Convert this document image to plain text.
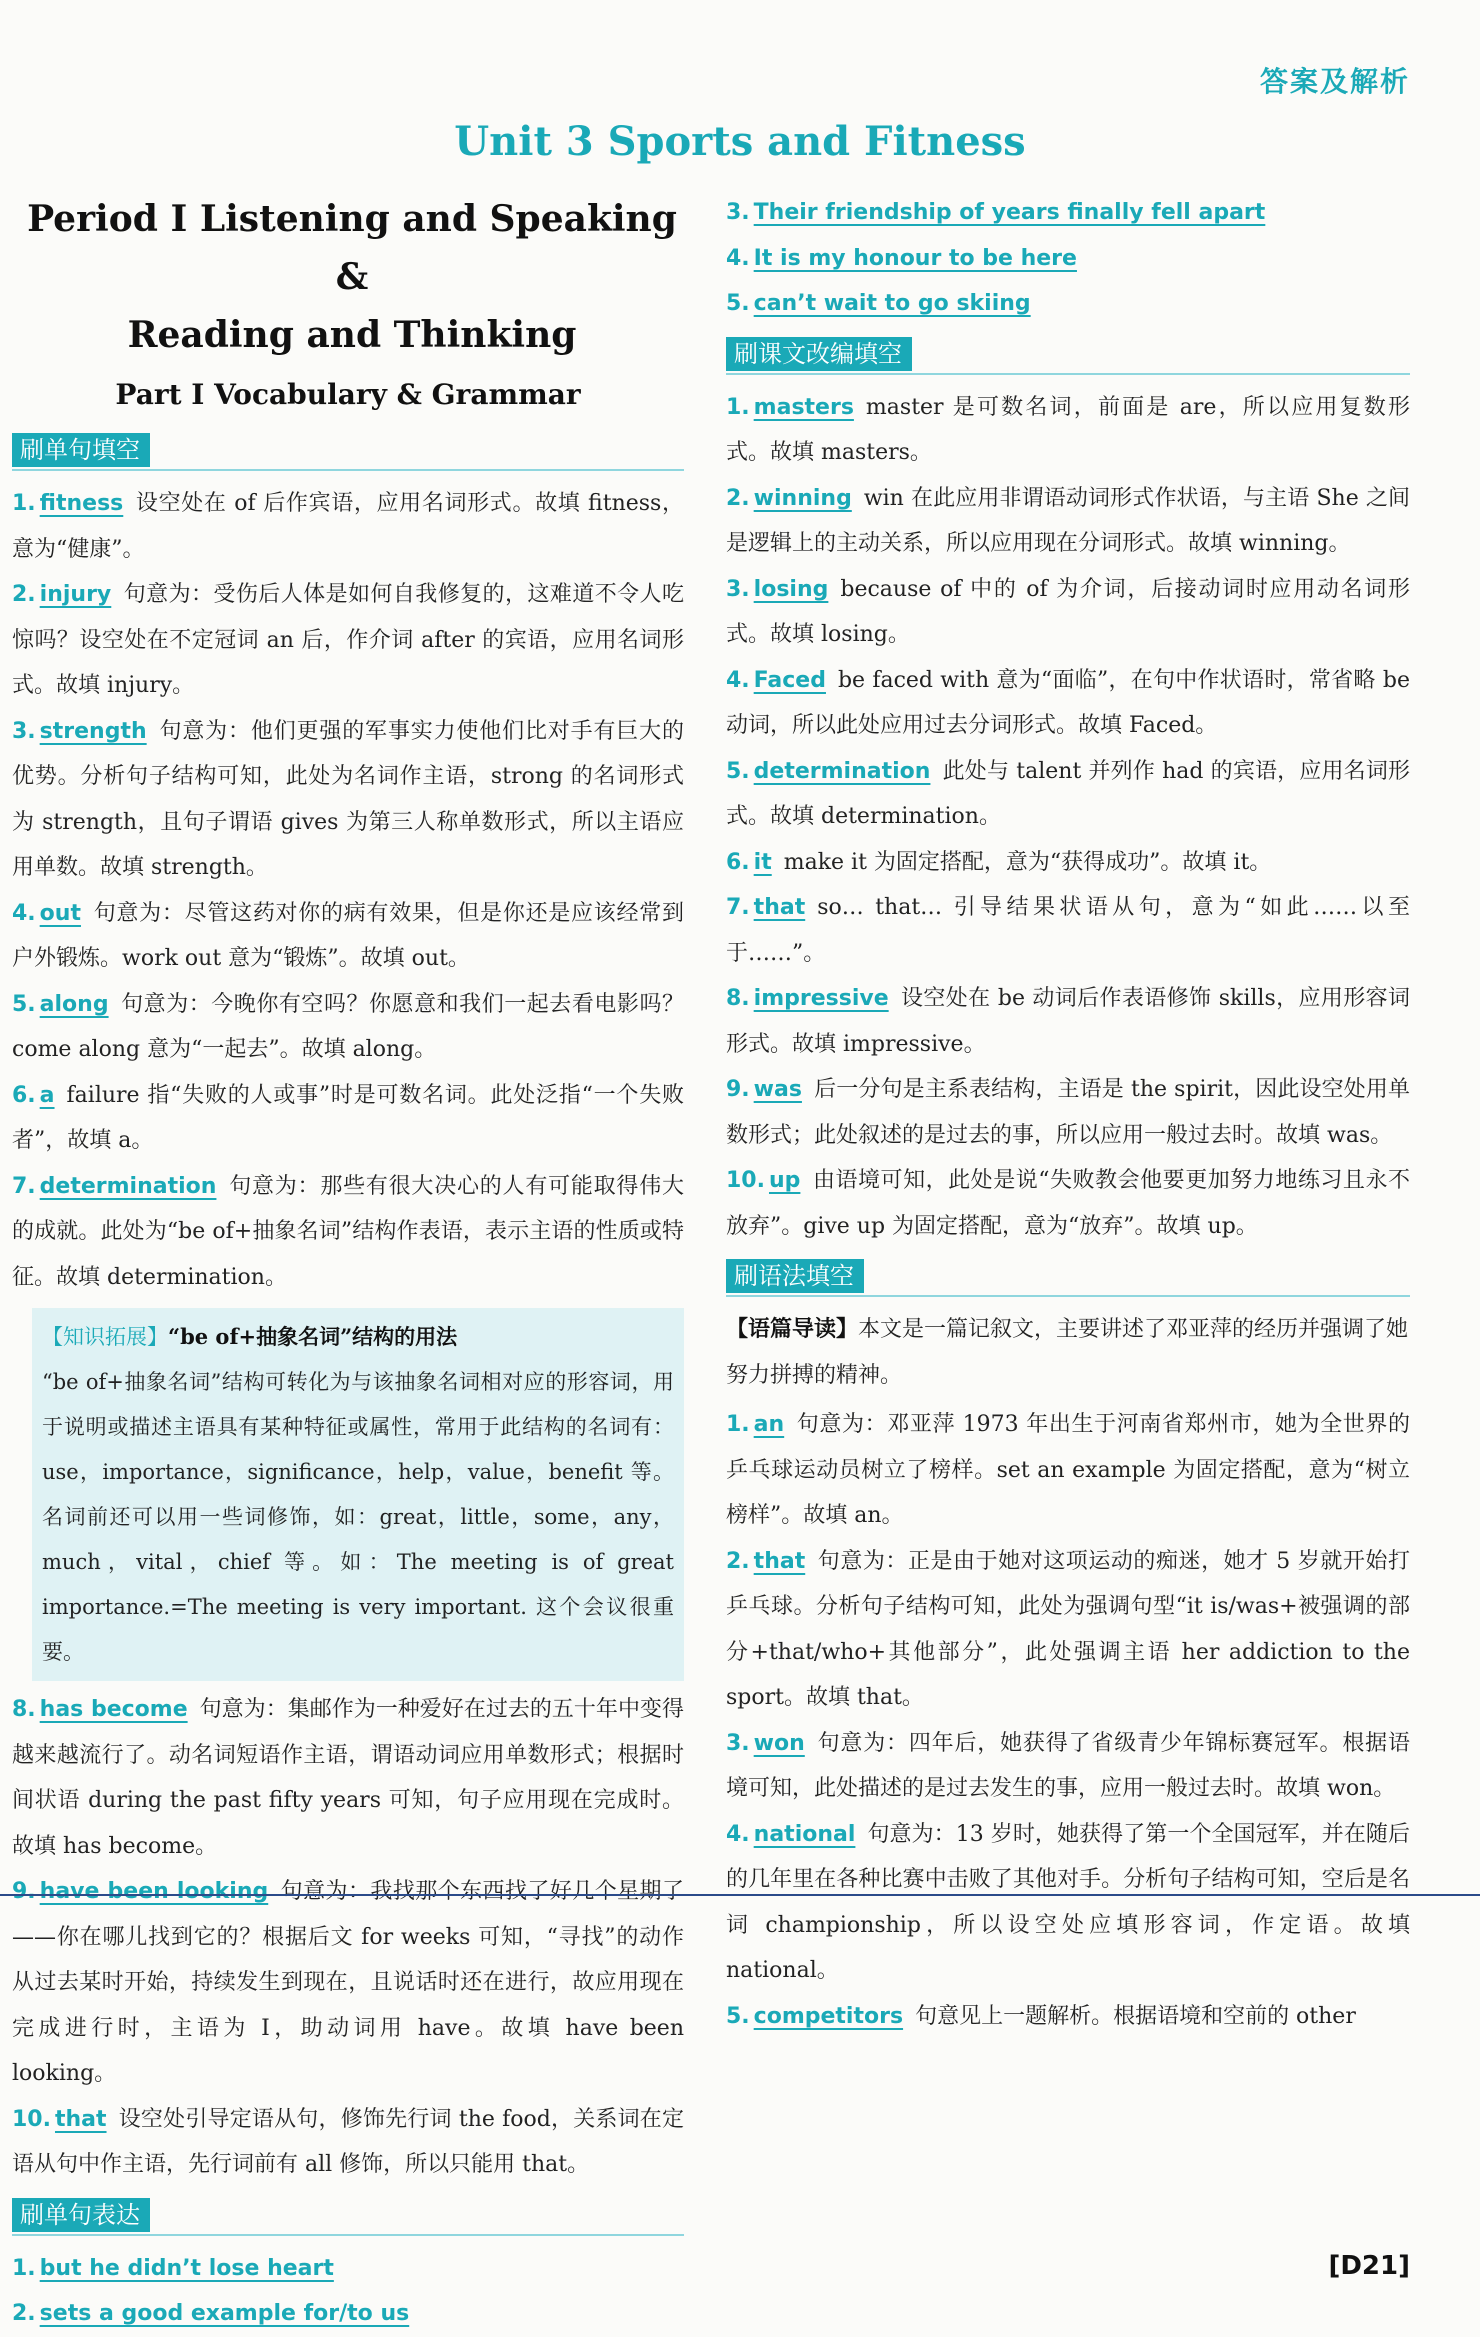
答案及解析
Unit 3 Sports and Fitness
Period Ⅰ Listening and Speaking &
Reading and Thinking
Part Ⅰ Vocabulary & Grammar
刷单句填空

1. fitness 设空处在 of 后作宾语，应用名词形式。故填 fitness，意为“健康”。

2. injury 句意为：受伤后人体是如何自我修复的，这难道不令人吃惊吗？设空处在不定冠词 an 后，作介词 after 的宾语，应用名词形式。故填 injury。

3. strength 句意为：他们更强的军事实力使他们比对手有巨大的优势。分析句子结构可知，此处为名词作主语，strong 的名词形式为 strength，且句子谓语 gives 为第三人称单数形式，所以主语应用单数。故填 strength。

4. out 句意为：尽管这药对你的病有效果，但是你还是应该经常到户外锻炼。work out 意为“锻炼”。故填 out。

5. along 句意为：今晚你有空吗？你愿意和我们一起去看电影吗？come along 意为“一起去”。故填 along。

6. a failure 指“失败的人或事”时是可数名词。此处泛指“一个失败者”，故填 a。

7. determination 句意为：那些有很大决心的人有可能取得伟大的成就。此处为“be of+抽象名词”结构作表语，表示主语的性质或特征。故填 determination。

【知识拓展】“be of+抽象名词”结构的用法

“be of+抽象名词”结构可转化为与该抽象名词相对应的形容词，用于说明或描述主语具有某种特征或属性，常用于此结构的名词有：use，importance，significance，help，value，benefit 等。名词前还可以用一些词修饰，如：great，little，some，any，much，vital，chief 等。如：The meeting is of great importance.=The meeting is very important. 这个会议很重要。

8. has become 句意为：集邮作为一种爱好在过去的五十年中变得越来越流行了。动名词短语作主语，谓语动词应用单数形式；根据时间状语 during the past fifty years 可知，句子应用现在完成时。故填 has become。

9. have been looking 句意为：我找那个东西找了好几个星期了——你在哪儿找到它的？根据后文 for weeks 可知，“寻找”的动作从过去某时开始，持续发生到现在，且说话时还在进行，故应用现在完成进行时，主语为 I，助动词用 have。故填 have been looking。

10. that 设空处引导定语从句，修饰先行词 the food，关系词在定语从句中作主语，先行词前有 all 修饰，所以只能用 that。

刷单句表达

1. but he didn’t lose heart

2. sets a good example for/to us

3. Their friendship of years finally fell apart

4. It is my honour to be here

5. can’t wait to go skiing

刷课文改编填空

1. masters master 是可数名词，前面是 are，所以应用复数形式。故填 masters。

2. winning win 在此应用非谓语动词形式作状语，与主语 She 之间是逻辑上的主动关系，所以应用现在分词形式。故填 winning。

3. losing because of 中的 of 为介词，后接动词时应用动名词形式。故填 losing。

4. Faced be faced with 意为“面临”，在句中作状语时，常省略 be 动词，所以此处应用过去分词形式。故填 Faced。

5. determination 此处与 talent 并列作 had 的宾语，应用名词形式。故填 determination。

6. it make it 为固定搭配，意为“获得成功”。故填 it。

7. that so… that… 引导结果状语从句，意为“如此……以至于……”。

8. impressive 设空处在 be 动词后作表语修饰 skills，应用形容词形式。故填 impressive。

9. was 后一分句是主系表结构，主语是 the spirit，因此设空处用单数形式；此处叙述的是过去的事，所以应用一般过去时。故填 was。

10. up 由语境可知，此处是说“失败教会他要更加努力地练习且永不放弃”。give up 为固定搭配，意为“放弃”。故填 up。

刷语法填空

【语篇导读】本文是一篇记叙文，主要讲述了邓亚萍的经历并强调了她努力拼搏的精神。

1. an 句意为：邓亚萍 1973 年出生于河南省郑州市，她为全世界的乒乓球运动员树立了榜样。set an example 为固定搭配，意为“树立榜样”。故填 an。

2. that 句意为：正是由于她对这项运动的痴迷，她才 5 岁就开始打乒乓球。分析句子结构可知，此处为强调句型“it is/was+被强调的部分+that/who+其他部分”，此处强调主语 her addiction to the sport。故填 that。

3. won 句意为：四年后，她获得了省级青少年锦标赛冠军。根据语境可知，此处描述的是过去发生的事，应用一般过去时。故填 won。

4. national 句意为：13 岁时，她获得了第一个全国冠军，并在随后的几年里在各种比赛中击败了其他对手。分析句子结构可知，空后是名词 championship，所以设空处应填形容词，作定语。故填 national。

5. competitors 句意见上一题解析。根据语境和空前的 other

[D21]
